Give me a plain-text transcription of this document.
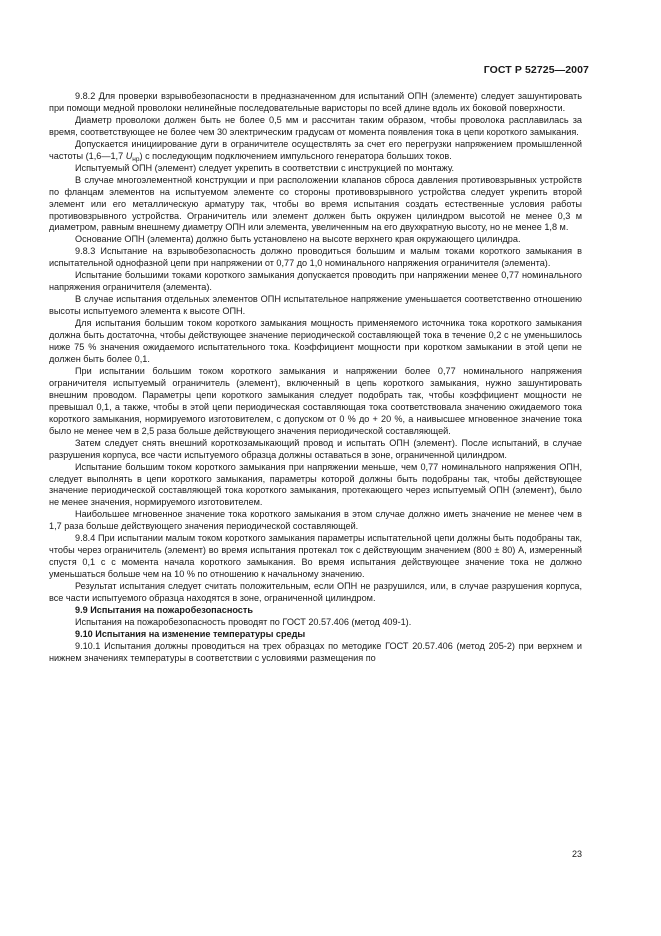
ГОСТ Р 52725—2007

9.8.2 Для проверки взрывобезопасности в предназначенном для испытаний ОПН (элементе) следует зашунтировать при помощи медной проволоки нелинейные последовательные варисторы по всей длине вдоль их боковой поверхности.

Диаметр проволоки должен быть не более 0,5 мм и рассчитан таким образом, чтобы проволока расплавилась за время, соответствующее не более чем 30 электрическим градусам от момента появления тока в цепи короткого замыкания.

Допускается инициирование дуги в ограничителе осуществлять за счет его перегрузки напряжением промышленной частоты (1,6—1,7 $U_{нр}$) с последующим подключением импульсного генератора больших токов.

Испытуемый ОПН (элемент) следует укрепить в соответствии с инструкцией по монтажу.

В случае многоэлементной конструкции и при расположении клапанов сброса давления противовзрывных устройств по фланцам элементов на испытуемом элементе со стороны противовзрывного устройства следует укрепить второй элемент или его металлическую арматуру так, чтобы во время испытания создать естественные условия работы противовзрывного устройства. Ограничитель или элемент должен быть окружен цилиндром высотой не менее 0,3 м диаметром, равным внешнему диаметру ОПН или элемента, увеличенным на его двухкратную высоту, но не менее 1,8 м.

Основание ОПН (элемента) должно быть установлено на высоте верхнего края окружающего цилиндра.

9.8.3 Испытание на взрывобезопасность должно проводиться большим и малым токами короткого замыкания в испытательной однофазной цепи при напряжении от 0,77 до 1,0 номинального напряжения ограничителя (элемента).

Испытание большими токами короткого замыкания допускается проводить при напряжении менее 0,77 номинального напряжения ограничителя (элемента).

В случае испытания отдельных элементов ОПН испытательное напряжение уменьшается соответственно отношению высоты испытуемого элемента к высоте ОПН.

Для испытания большим током короткого замыкания мощность применяемого источника тока короткого замыкания должна быть достаточна, чтобы действующее значение периодической составляющей тока в течение 0,2 с не уменьшилось ниже 75 % значения ожидаемого испытательного тока. Коэффициент мощности при коротком замыкании в этой цепи не должен быть более 0,1.

При испытании большим током короткого замыкания и напряжении более 0,77 номинального напряжения ограничителя испытуемый ограничитель (элемент), включенный в цепь короткого замыкания, нужно зашунтировать внешним проводом. Параметры цепи короткого замыкания следует подобрать так, чтобы коэффициент мощности не превышал 0,1, а также, чтобы в этой цепи периодическая составляющая тока соответствовала значению ожидаемого тока короткого замыкания, нормируемого изготовителем, с допуском от 0 % до + 20 %, а наивысшее мгновенное значение тока было не менее чем в 2,5 раза больше действующего значения периодической составляющей.

Затем следует снять внешний короткозамыкающий провод и испытать ОПН (элемент). После испытаний, в случае разрушения корпуса, все части испытуемого образца должны оставаться в зоне, ограниченной цилиндром.

Испытание большим током короткого замыкания при напряжении меньше, чем 0,77 номинального напряжения ОПН, следует выполнять в цепи короткого замыкания, параметры которой должны быть подобраны так, чтобы действующее значение периодической составляющей тока короткого замыкания, протекающего через испытуемый ОПН (элемент), было не менее значения, нормируемого изготовителем.

Наибольшее мгновенное значение тока короткого замыкания в этом случае должно иметь значение не менее чем в 1,7 раза больше действующего значения периодической составляющей.

9.8.4 При испытании малым током короткого замыкания параметры испытательной цепи должны быть подобраны так, чтобы через ограничитель (элемент) во время испытания протекал ток с действующим значением (800 ± 80) А, измеренный спустя 0,1 с с момента начала короткого замыкания. Во время испытания действующее значение тока не должно уменьшаться больше чем на 10 % по отношению к начальному значению.

Результат испытания следует считать положительным, если ОПН не разрушился, или, в случае разрушения корпуса, все части испытуемого образца находятся в зоне, ограниченной цилиндром.

9.9 Испытания на пожаробезопасность

Испытания на пожаробезопасность проводят по ГОСТ 20.57.406 (метод 409-1).

9.10 Испытания на изменение температуры среды

9.10.1 Испытания должны проводиться на трех образцах по методике ГОСТ 20.57.406 (метод 205-2) при верхнем и нижнем значениях температуры в соответствии с условиями размещения по

23
